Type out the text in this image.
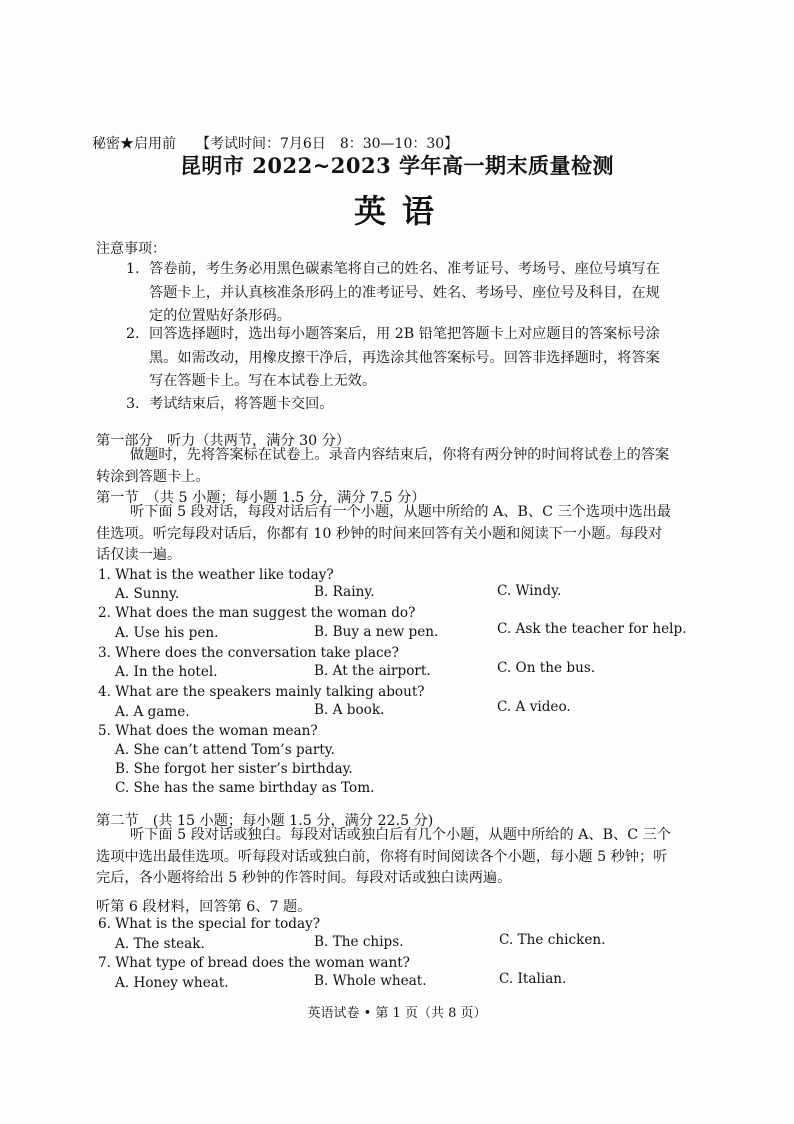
秘密★启用前 【考试时间：7月6日　8：30—10：30】
昆明市 2022~2023 学年高一期末质量检测
英语
注意事项：
1. 答卷前，考生务必用黑色碳素笔将自己的姓名、准考证号、考场号、座位号填写在
答题卡上，并认真核准条形码上的准考证号、姓名、考场号、座位号及科目，在规
定的位置贴好条形码。
2. 回答选择题时，选出每小题答案后，用 2B 铅笔把答题卡上对应题目的答案标号涂
黑。如需改动，用橡皮擦干净后，再选涂其他答案标号。回答非选择题时，将答案
写在答题卡上。写在本试卷上无效。
3. 考试结束后，将答题卡交回。
第一部分　听力（共两节，满分 30 分）
做题时，先将答案标在试卷上。录音内容结束后，你将有两分钟的时间将试卷上的答案
转涂到答题卡上。
第一节　（共 5 小题；每小题 1.5 分，满分 7.5 分）
听下面 5 段对话，每段对话后有一个小题，从题中所给的 A、B、C 三个选项中选出最
佳选项。听完每段对话后，你都有 10 秒钟的时间来回答有关小题和阅读下一小题。每段对
话仅读一遍。
1. What is the weather like today?
A. Sunny.	B. Rainy.	C. Windy.
2. What does the man suggest the woman do?
A. Use his pen.	B. Buy a new pen.	C. Ask the teacher for help.
3. Where does the conversation take place?
A. In the hotel.	B. At the airport.	C. On the bus.
4. What are the speakers mainly talking about?
A. A game.	B. A book.	C. A video.
5. What does the woman mean?
A. She can’t attend Tom’s party.
B. She forgot her sister’s birthday.
C. She has the same birthday as Tom.
第二节　(共 15 小题；每小题 1.5 分，满分 22.5 分)
听下面 5 段对话或独白。每段对话或独白后有几个小题，从题中所给的 A、B、C 三个
选项中选出最佳选项。听每段对话或独白前，你将有时间阅读各个小题，每小题 5 秒钟；听
完后，各小题将给出 5 秒钟的作答时间。每段对话或独白读两遍。
听第 6 段材料，回答第 6、7 题。
6. What is the special for today?
A. The steak.	B. The chips.	C. The chicken.
7. What type of bread does the woman want?
A. Honey wheat.	B. Whole wheat.	C. Italian.
英语试卷 • 第 1 页（共 8 页）
